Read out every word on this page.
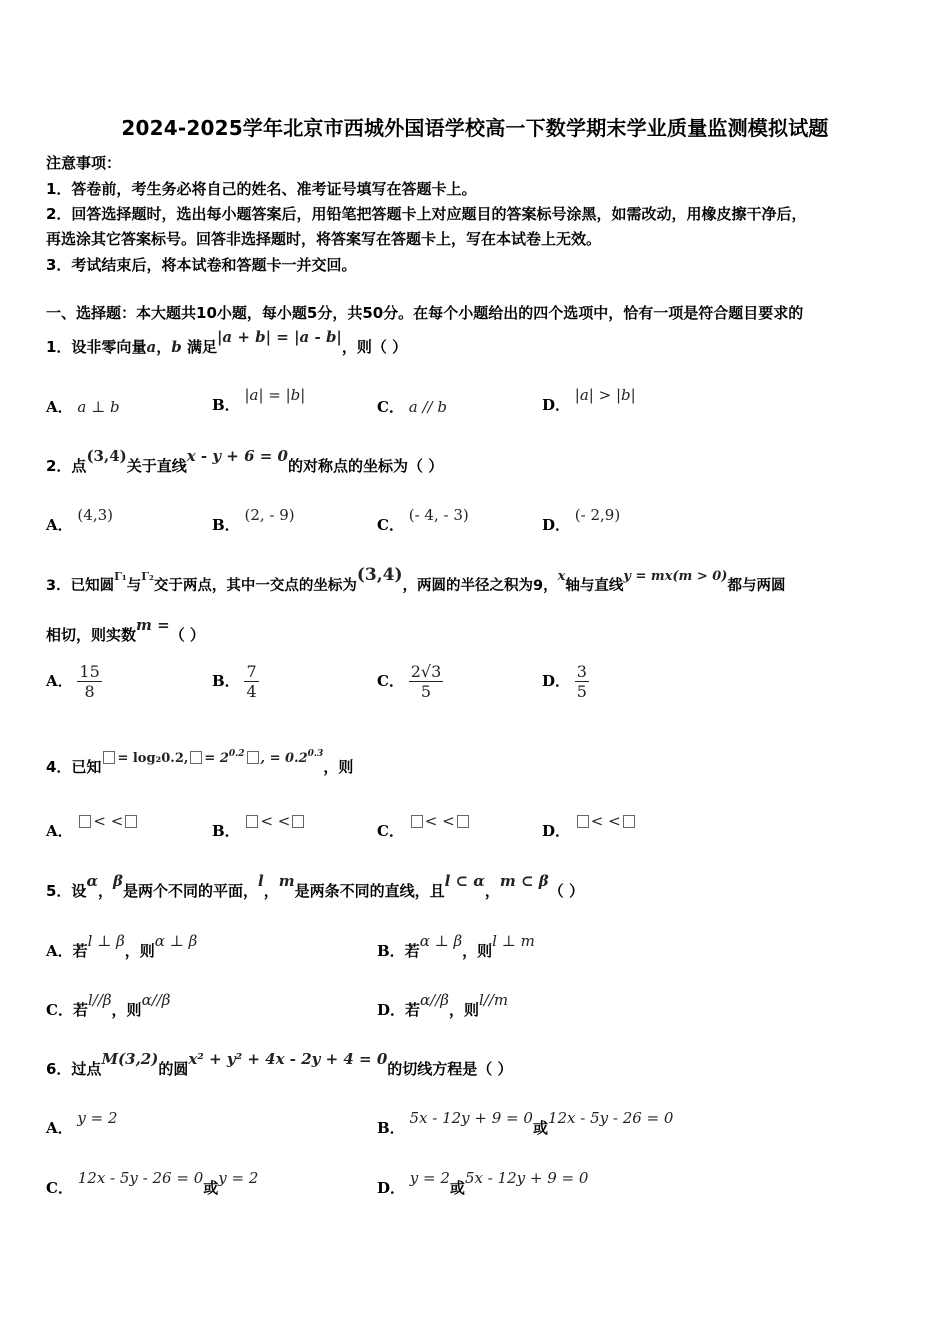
2024-2025学年北京市西城外国语学校高一下数学期末学业质量监测模拟试题
注意事项：
1．答卷前，考生务必将自己的姓名、准考证号填写在答题卡上。
2．回答选择题时，选出每小题答案后，用铅笔把答题卡上对应题目的答案标号涂黑，如需改动，用橡皮擦干净后，
再选涂其它答案标号。回答非选择题时，将答案写在答题卡上，写在本试卷上无效。
3．考试结束后，将本试卷和答题卡一并交回。
一、选择题：本大题共10小题，每小题5分，共50分。在每个小题给出的四个选项中，恰有一项是符合题目要求的
1．设非零向量a，b 满足|a + b| = |a - b|，则（ ）
A． a ⊥ b	B． |a| = |b|
C． a // b	D． |a| > |b|
2．点(3,4)关于直线x - y + 6 = 0的对称点的坐标为（ ）
A． (4,3)
B． (2, - 9)
C． (- 4, - 3)
D． (- 2,9)
3．已知圆$^{\Gamma_1}$与$^{\Gamma_2}$交于两点，其中一交点的坐标为(3,4)，两圆的半径之积为9，x轴与直线y = mx(m > 0)都与两圆
相切，则实数m =（ ）
A． $\frac{15}{8}$	B． $\frac{7}{4}$	C． $\frac{2√3}{5}$	D． $\frac{3}{5}$
4．已知 = log₂0.2, = $2^{0.2}$ , = $0.2^{0.3}$，则
A． < <
B． < <
C． < <
D． < <
5．设α，β是两个不同的平面，l，m是两条不同的直线，且l ⊂ α，m ⊂ β（ ）
A．若l ⊥ β，则α ⊥ β
B．若α ⊥ β，则l ⊥ m
C．若l//β，则α//β
D．若α//β，则l//m
6．过点M(3,2)的圆x² + y² + 4x - 2y + 4 = 0的切线方程是（ ）
A． y = 2
B． 5x - 12y + 9 = 0或12x - 5y - 26 = 0
C． 12x - 5y - 26 = 0或y = 2
D． y = 2或5x - 12y + 9 = 0
